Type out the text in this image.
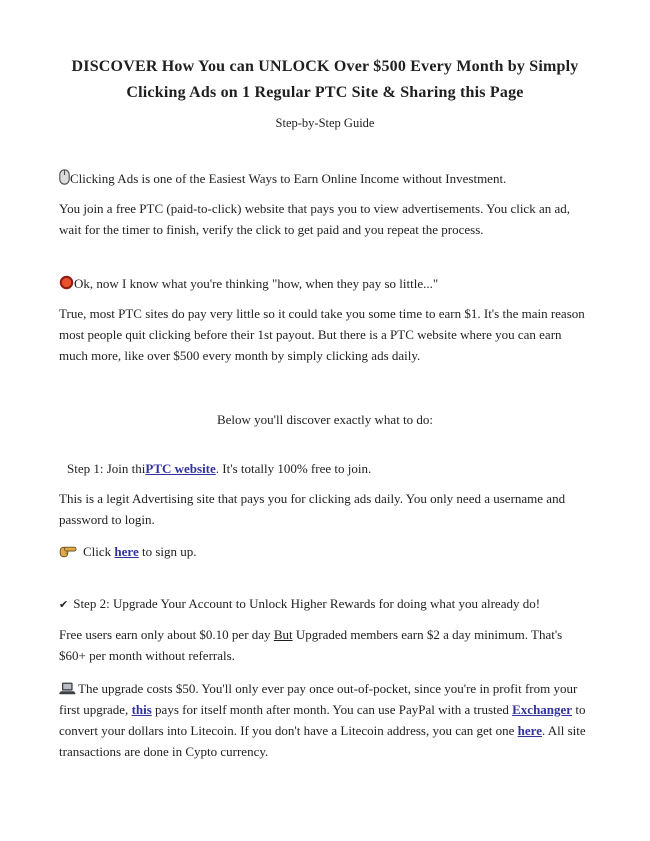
DISCOVER How You can UNLOCK Over $500 Every Month by Simply
Clicking Ads on 1 Regular PTC Site & Sharing this Page
Step-by-Step Guide

Clicking Ads is one of the Easiest Ways to Earn Online Income without Investment.

You join a free PTC (paid-to-click) website that pays you to view advertisements. You click an ad, wait for the timer to finish, verify the click to get paid and you repeat the process.

Ok, now I know what you're thinking "how, when they pay so little..."

True, most PTC sites do pay very little so it could take you some time to earn $1. It's the main reason most people quit clicking before their 1st payout. But there is a PTC website where you can earn much more, like over $500 every month by simply clicking ads daily.

Below you'll discover exactly what to do:

Step 1: Join thiPTC website. It's totally 100% free to join.

This is a legit Advertising site that pays you for clicking ads daily. You only need a username and password to login.

Click here to sign up.

✔ Step 2: Upgrade Your Account to Unlock Higher Rewards for doing what you already do!

Free users earn only about $0.10 per day But Upgraded members earn $2 a day minimum. That's $60+ per month without referrals.

The upgrade costs $50. You'll only ever pay once out-of-pocket, since you're in profit from your first upgrade, this pays for itself month after month. You can use PayPal with a trusted Exchanger to convert your dollars into Litecoin. If you don't have a Litecoin address, you can get one here. All site transactions are done in Cypto currency.
